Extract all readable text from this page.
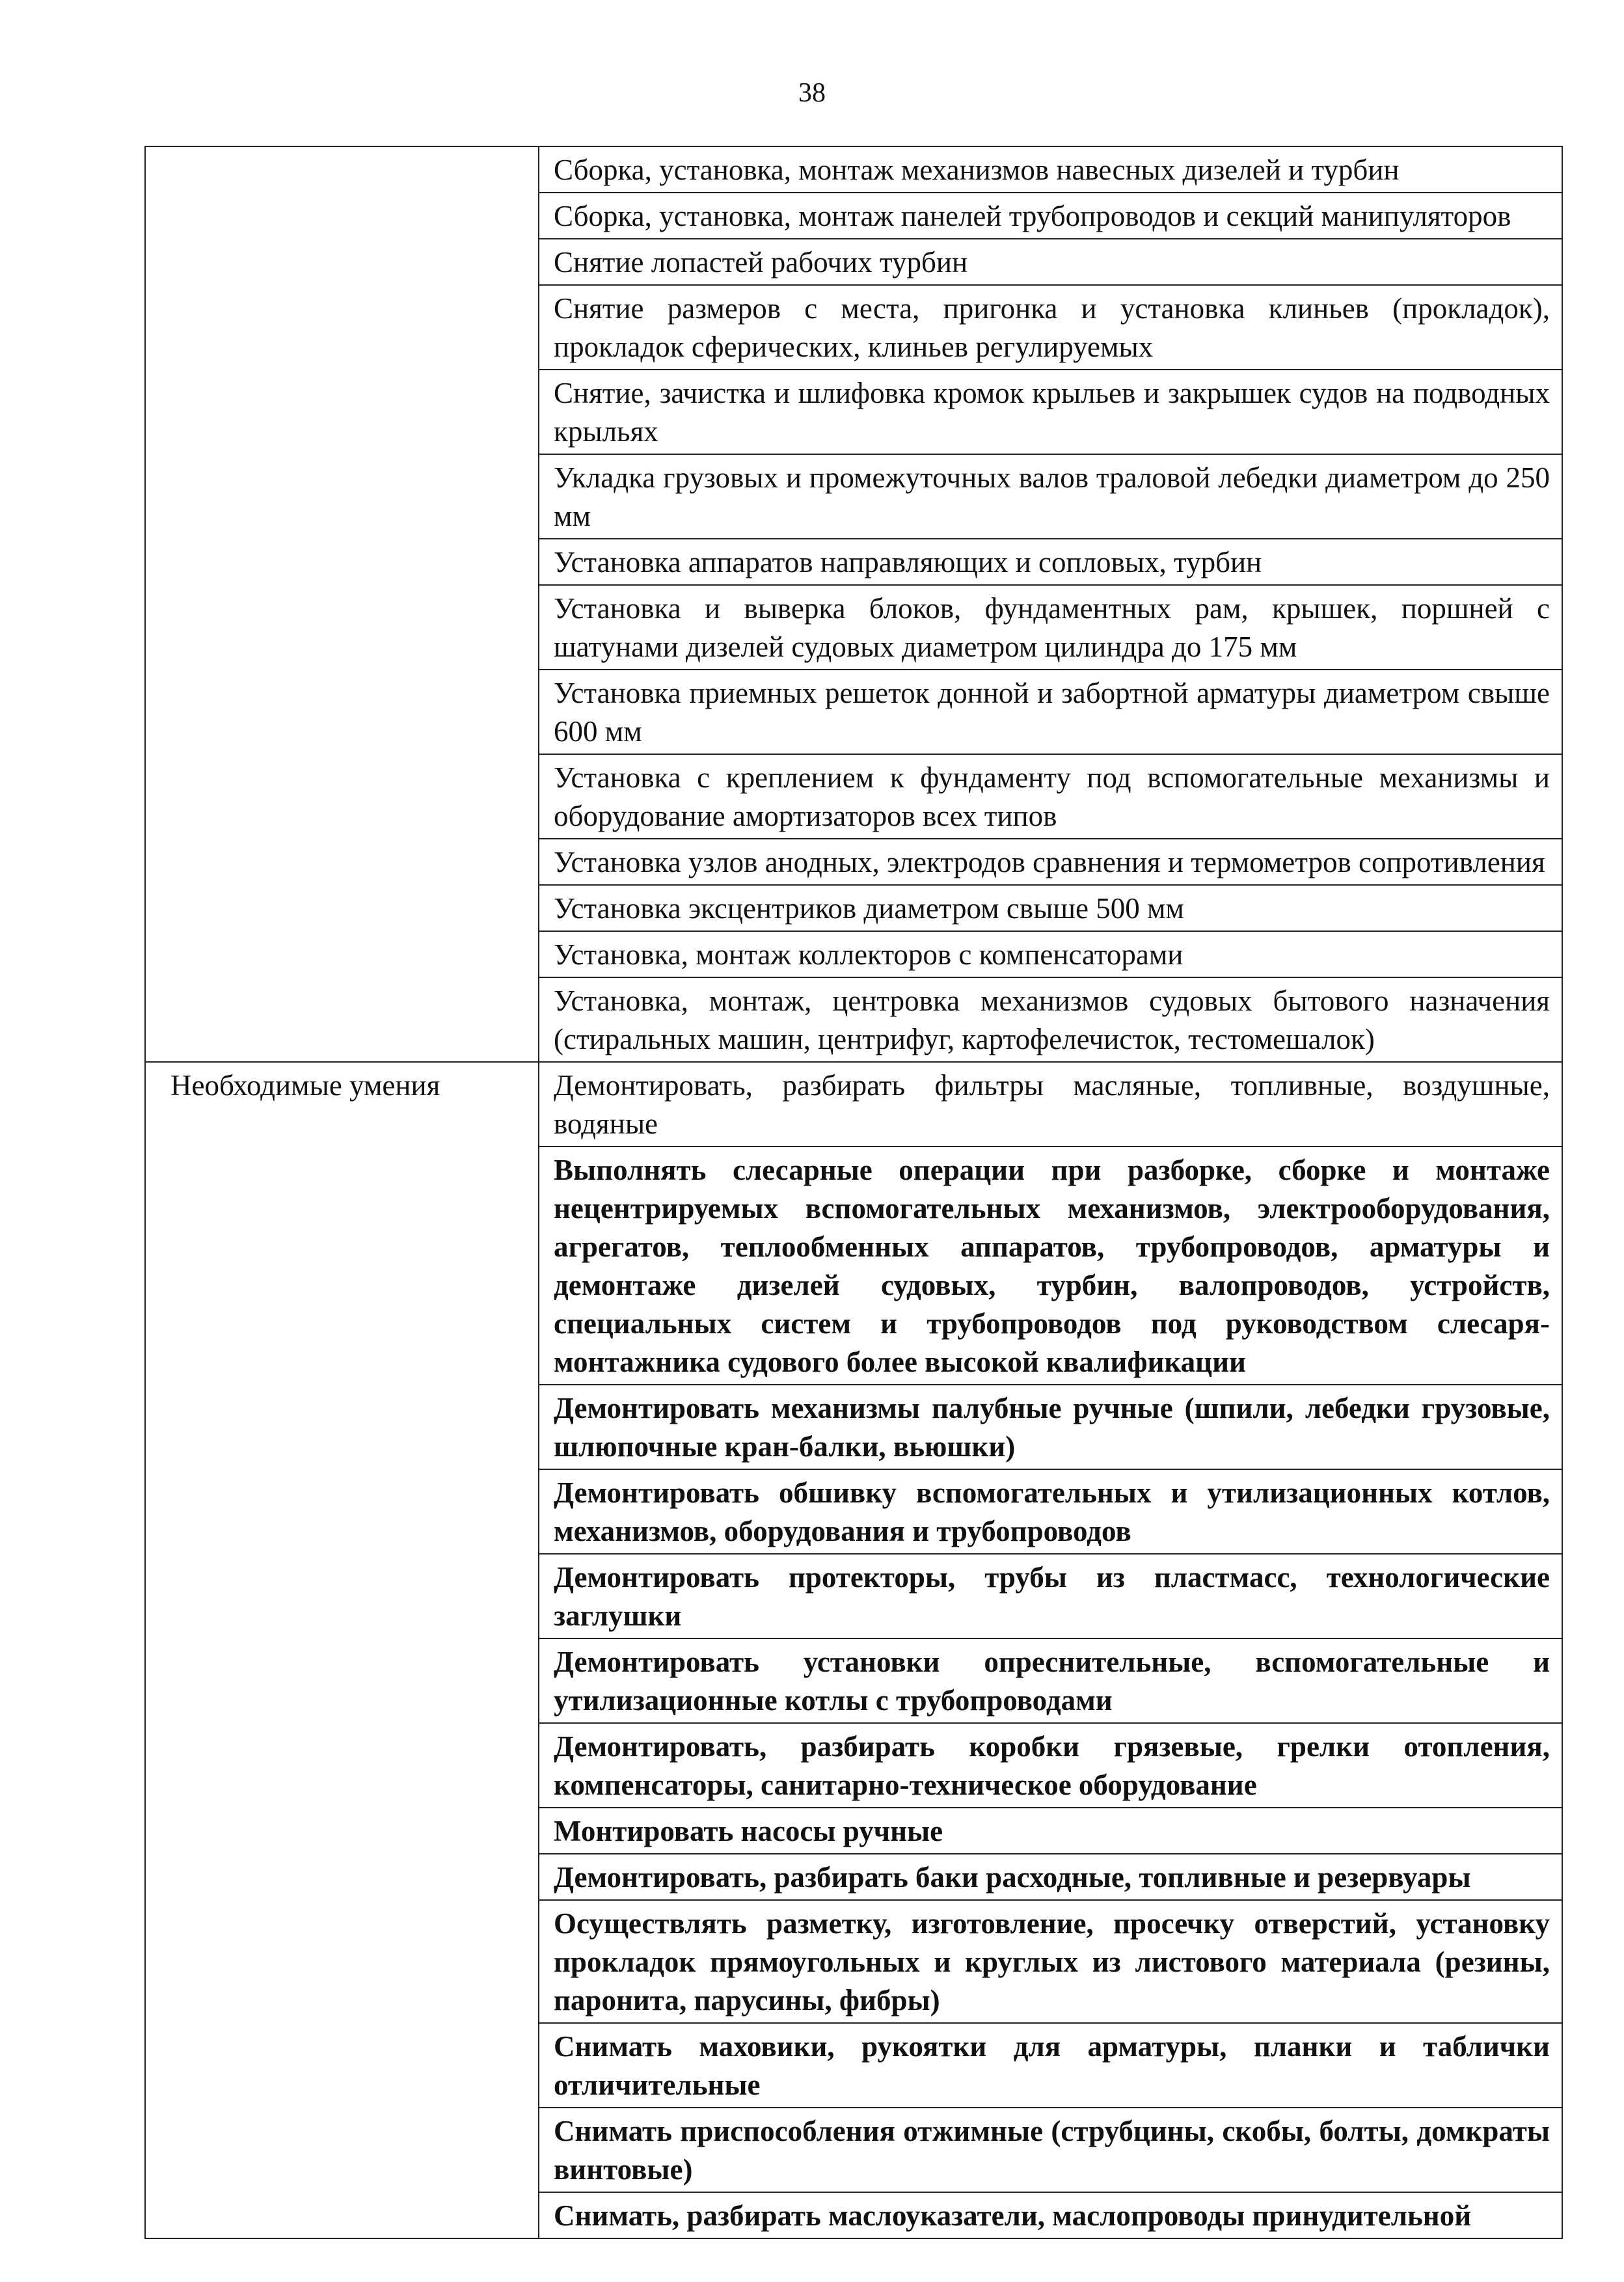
38
	Сборка, установка, монтаж механизмов навесных дизелей и турбин
	Сборка, установка, монтаж панелей трубопроводов и секций манипуляторов
	Снятие лопастей рабочих турбин
	Снятие размеров с места, пригонка и установка клиньев (прокладок), прокладок сферических, клиньев регулируемых
	Снятие, зачистка и шлифовка кромок крыльев и закрышек судов на подводных крыльях
	Укладка грузовых и промежуточных валов траловой лебедки диаметром до 250 мм
	Установка аппаратов направляющих и сопловых, турбин
	Установка и выверка блоков, фундаментных рам, крышек, поршней с шатунами дизелей судовых диаметром цилиндра до 175 мм
	Установка приемных решеток донной и забортной арматуры диаметром свыше 600 мм
	Установка с креплением к фундаменту под вспомогательные механизмы и оборудование амортизаторов всех типов
	Установка узлов анодных, электродов сравнения и термометров сопротивления
	Установка эксцентриков диаметром свыше 500 мм
	Установка, монтаж коллекторов с компенсаторами
	Установка, монтаж, центровка механизмов судовых бытового назначения (стиральных машин, центрифуг, картофелечисток, тестомешалок)
Необходимые умения	Демонтировать, разбирать фильтры масляные, топливные, воздушные, водяные
	Выполнять слесарные операции при разборке, сборке и монтаже нецентрируемых вспомогательных механизмов, электрооборудования, агрегатов, теплообменных аппаратов, трубопроводов, арматуры и демонтаже дизелей судовых, турбин, валопроводов, устройств, специальных систем и трубопроводов под руководством слесаря-монтажника судового более высокой квалификации
	Демонтировать механизмы палубные ручные (шпили, лебедки грузовые, шлюпочные кран-балки, вьюшки)
	Демонтировать обшивку вспомогательных и утилизационных котлов, механизмов, оборудования и трубопроводов
	Демонтировать протекторы, трубы из пластмасс, технологические заглушки
	Демонтировать установки опреснительные, вспомогательные и утилизационные котлы с трубопроводами
	Демонтировать, разбирать коробки грязевые, грелки отопления, компенсаторы, санитарно-техническое оборудование
	Монтировать насосы ручные
	Демонтировать, разбирать баки расходные, топливные и резервуары
	Осуществлять разметку, изготовление, просечку отверстий, установку прокладок прямоугольных и круглых из листового материала (резины, паронита, парусины, фибры)
	Снимать маховики, рукоятки для арматуры, планки и таблички отличительные
	Снимать приспособления отжимные (струбцины, скобы, болты, домкраты винтовые)
	Снимать, разбирать маслоуказатели, маслопроводы принудительной
